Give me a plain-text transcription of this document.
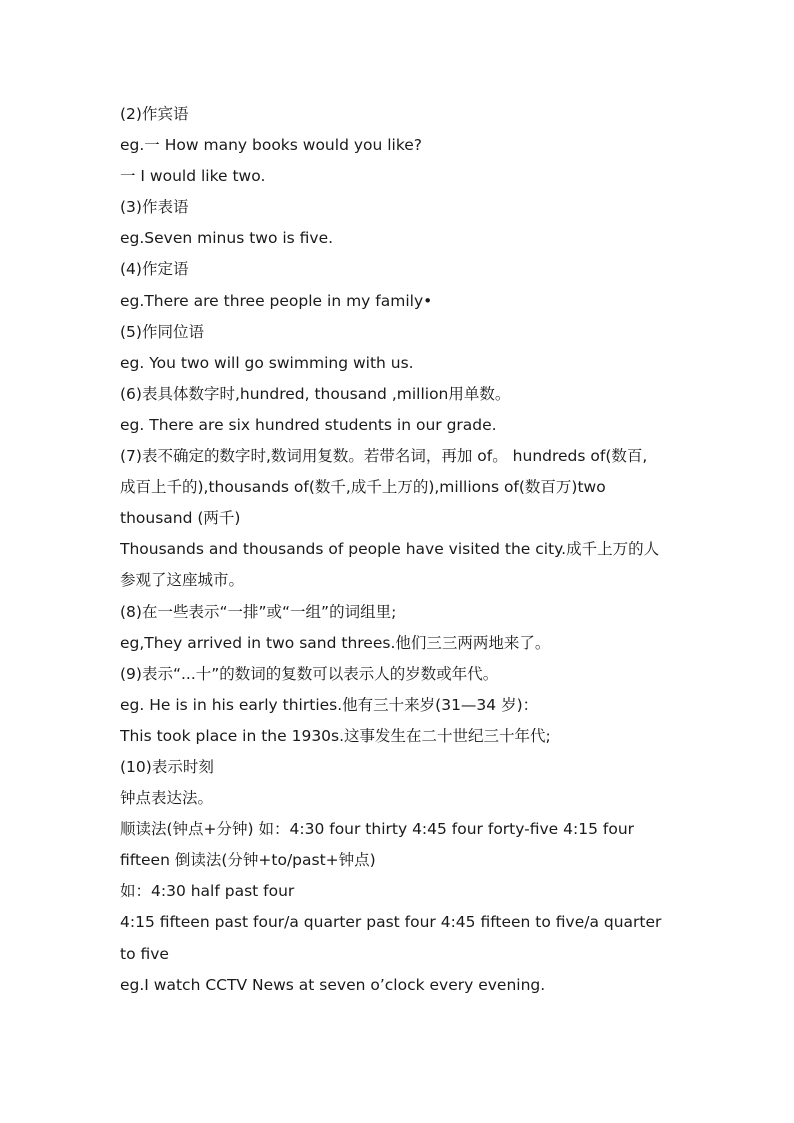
(2)作宾语
eg.一 How many books would you like?
一 I would like two.
(3)作表语
eg.Seven minus two is five.
(4)作定语
eg.There are three people in my family•
(5)作同位语
eg. You two will go swimming with us.
(6)表具体数字时,hundred, thousand ,million用单数。
eg. There are six hundred students in our grade.
(7)表不确定的数字时,数词用复数。若带名词，再加 of。 hundreds of(数百,
成百上千的),thousands of(数千,成千上万的),millions of(数百万)two
thousand (两千)
Thousands and thousands of people have visited the city.成千上万的人
参观了这座城市。
(8)在一些表示“一排”或“一组”的词组里;
eg,They arrived in two sand threes.他们三三两两地来了。
(9)表示“...十”的数词的复数可以表示人的岁数或年代。
eg. He is in his early thirties.他有三十来岁(31—34 岁)：
This took place in the 1930s.这事发生在二十世纪三十年代;
(10)表示时刻
钟点表达法。
顺读法(钟点+分钟) 如：4:30 four thirty 4:45 four forty-five 4:15 four
fifteen 倒读法(分钟+to/past+钟点)
如：4:30 half past four
4:15 fifteen past four/a quarter past four 4:45 fifteen to five/a quarter
to five
eg.I watch CCTV News at seven o’clock every evening.
